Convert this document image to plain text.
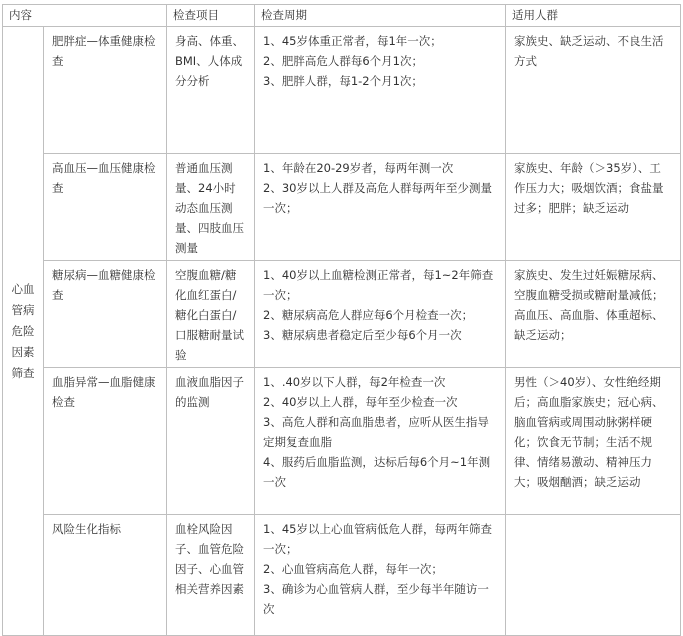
内容		检查项目	检查周期	适用人群
心血管病危险因素筛查	肥胖症—体重健康检查	身高、体重、BMI、人体成分分析	1、45岁体重正常者，每1年一次；
2、肥胖高危人群每6个月1次；
3、肥胖人群，每1-2个月1次；	家族史、缺乏运动、不良生活方式
	高血压—血压健康检查	普通血压测量、24小时动态血压测量、四肢血压测量	1、年龄在20-29岁者，每两年测一次
2、30岁以上人群及高危人群每两年至少测量一次；	家族史、年龄（＞35岁）、工作压力大；吸烟饮酒；食盐量过多；肥胖；缺乏运动
	糖尿病—血糖健康检查	空腹血糖/糖化血红蛋白/糖化白蛋白/口服糖耐量试验	1、40岁以上血糖检测正常者，每1~2年筛查一次；
2、糖尿病高危人群应每6个月检查一次；
3、糖尿病患者稳定后至少每6个月一次	家族史、发生过妊娠糖尿病、空腹血糖受损或糖耐量减低；高血压、高血脂、体重超标、缺乏运动；
	血脂异常—血脂健康检查	血液血脂因子的监测	1、.40岁以下人群，每2年检查一次
2、40岁以上人群，每年至少检查一次
3、高危人群和高血脂患者，应听从医生指导定期复查血脂
4、服药后血脂监测，达标后每6个月~1年测一次	男性（＞40岁）、女性绝经期后；高血脂家族史；冠心病、脑血管病或周围动脉粥样硬化；饮食无节制；生活不规律、情绪易激动、精神压力大；吸烟酗酒；缺乏运动
	风险生化指标	血栓风险因子、血管危险因子、心血管相关营养因素	1、45岁以上心血管病低危人群，每两年筛查一次；
2、心血管病高危人群，每年一次；
3、确诊为心血管病人群，至少每半年随访一次	
